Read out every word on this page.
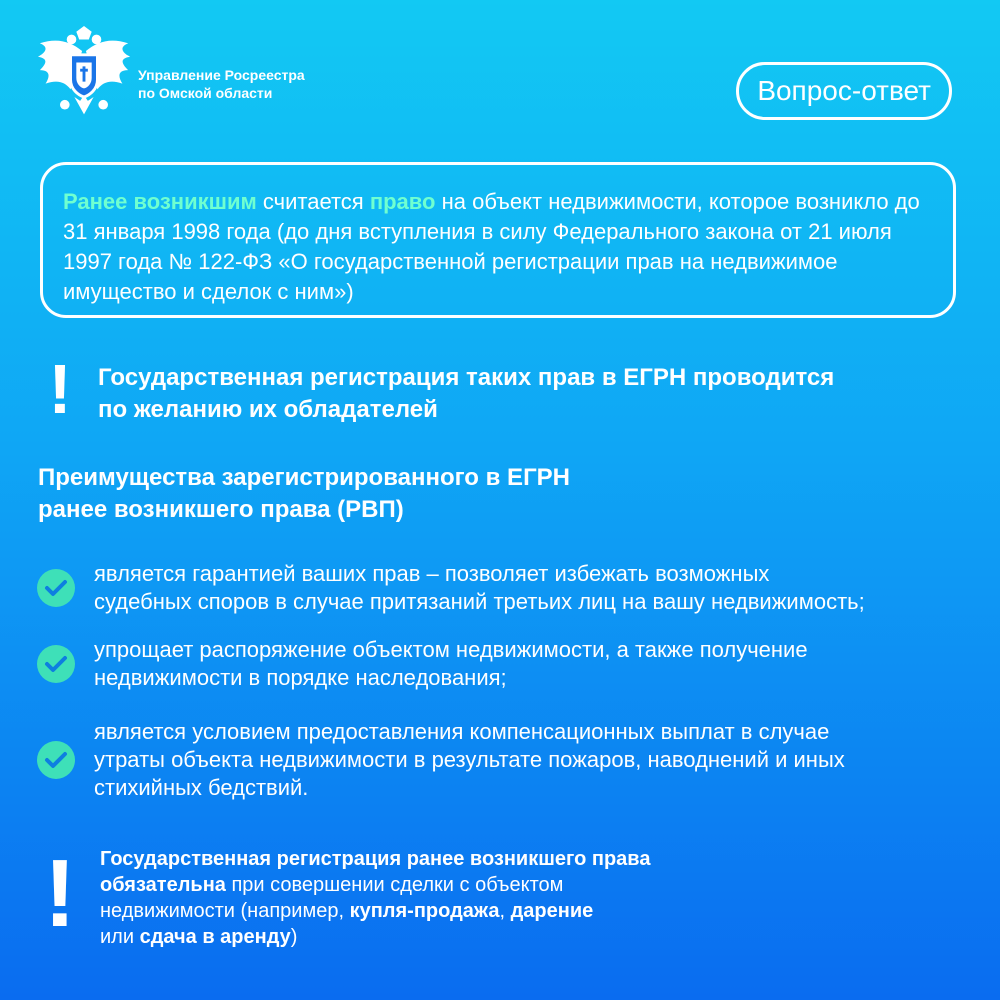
Управление Росреестра
по Омской области	Вопрос-ответ
Ранее возникшим считается право на объект недвижимости, которое возникло до 31 января 1998 года (до дня вступления в силу Федерального закона от 21 июля 1997 года № 122-ФЗ «О государственной регистрации прав на недвижимое имущество и сделок с ним»)
!	Государственная регистрация таких прав в ЕГРН проводится
по желанию их обладателей
Преимущества зарегистрированного в ЕГРН
ранее возникшего права (РВП)
является гарантией ваших прав – позволяет избежать возможных
судебных споров в случае притязаний третьих лиц на вашу недвижимость;
упрощает распоряжение объектом недвижимости, а также получение
недвижимости в порядке наследования;
является условием предоставления компенсационных выплат в случае
утраты объекта недвижимости в результате пожаров, наводнений и иных
стихийных бедствий.
! Государственная регистрация ранее возникшего права
обязательна при совершении сделки с объектом
недвижимости (например, купля-продажа, дарение
или сдача в аренду)
